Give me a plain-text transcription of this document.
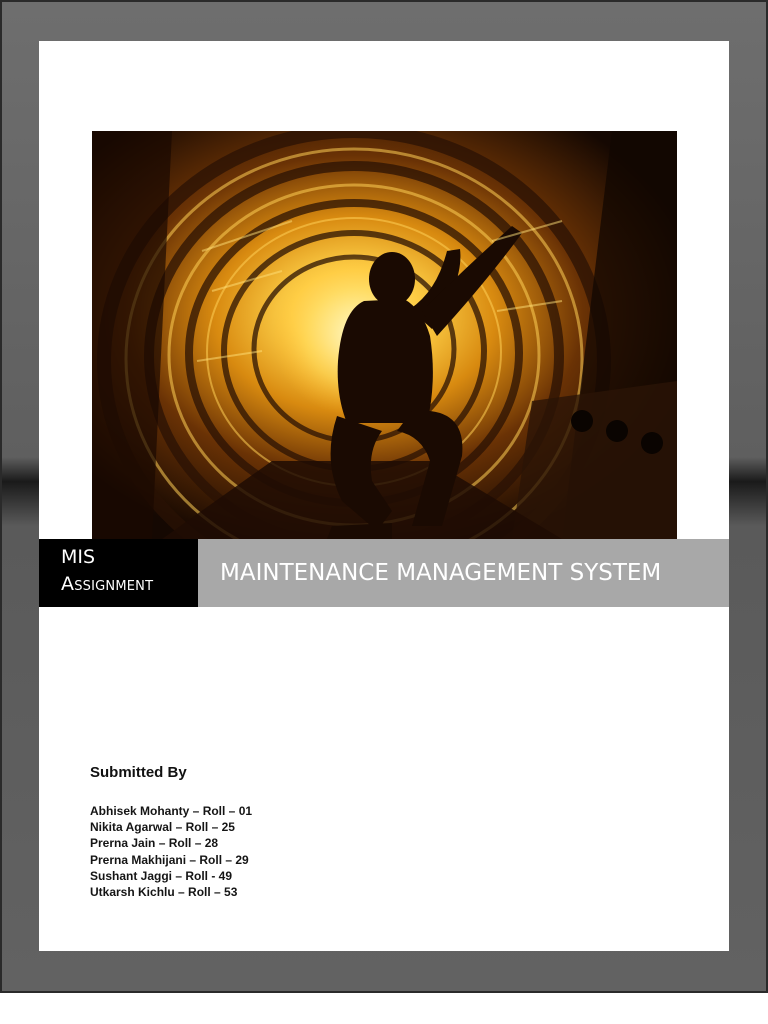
MIS
Assignment	MAINTENANCE MANAGEMENT SYSTEM
Submitted By
Abhisek Mohanty – Roll – 01
Nikita Agarwal – Roll – 25
Prerna Jain – Roll – 28
Prerna Makhijani – Roll – 29
Sushant Jaggi – Roll - 49
Utkarsh Kichlu – Roll – 53
